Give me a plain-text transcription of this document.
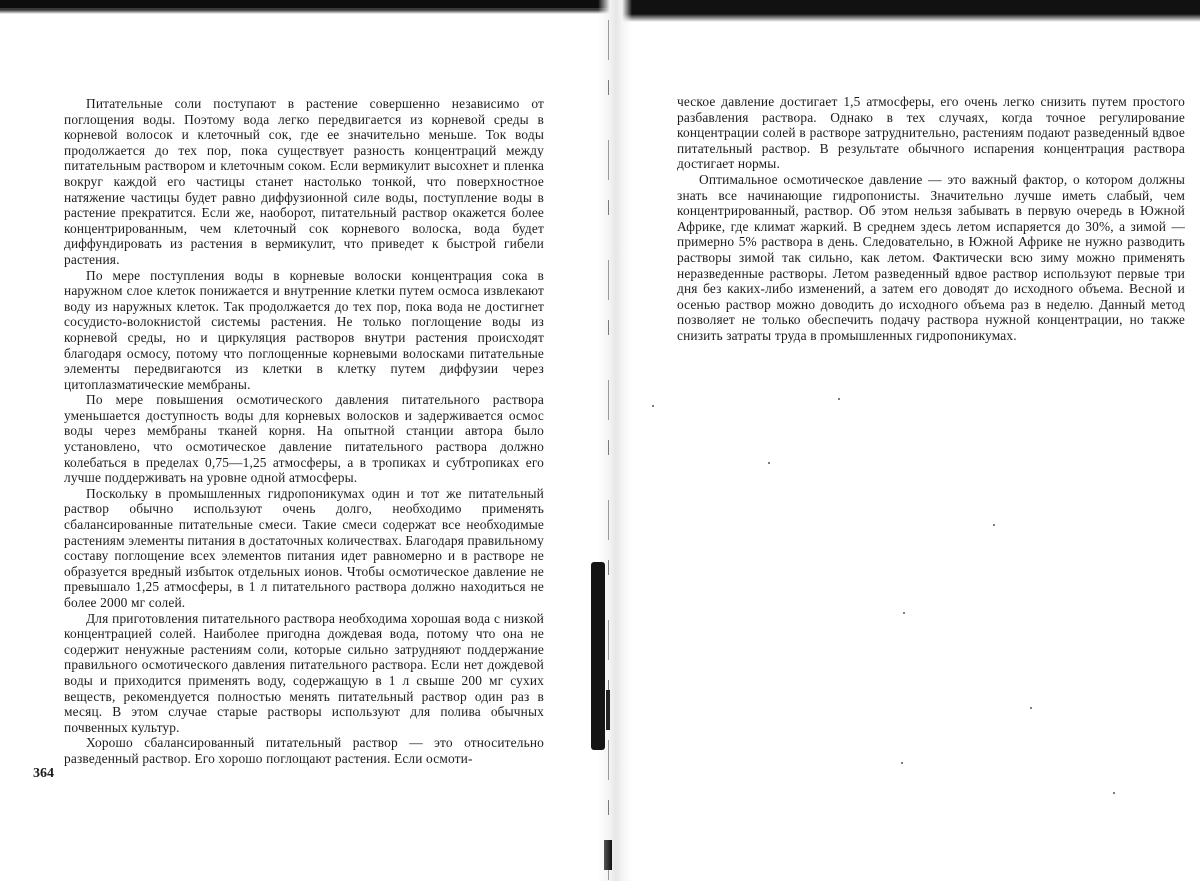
Питательные соли поступают в растение совершенно независимо от поглощения воды. Поэтому вода легко передвигается из корневой среды в корневой волосок и клеточный сок, где ее значительно меньше. Ток воды продолжается до тех пор, пока существует разность концентраций между питательным раствором и клеточным соком. Если вермикулит высохнет и пленка вокруг каждой его частицы станет настолько тонкой, что поверхностное натяжение частицы будет равно диффузионной силе воды, поступление воды в растение прекратится. Если же, наоборот, питательный раствор окажется более концентрированным, чем клеточный сок корневого волоска, вода будет диффундировать из растения в вермикулит, что приведет к быстрой гибели растения.

По мере поступления воды в корневые волоски концентрация сока в наружном слое клеток понижается и внутренние клетки путем осмоса извлекают воду из наружных клеток. Так продолжается до тех пор, пока вода не достигнет сосудисто-волокнистой системы растения. Не только поглощение воды из корневой среды, но и циркуляция растворов внутри растения происходят благодаря осмосу, потому что поглощенные корневыми волосками питательные элементы передвигаются из клетки в клетку путем диффузии через цитоплазматические мембраны.

По мере повышения осмотического давления питательного раствора уменьшается доступность воды для корневых волосков и задерживается осмос воды через мембраны тканей корня. На опытной станции автора было установлено, что осмотическое давление питательного раствора должно колебаться в пределах 0,75—1,25 атмосферы, а в тропиках и субтропиках его лучше поддерживать на уровне одной атмосферы.

Поскольку в промышленных гидропоникумах один и тот же питательный раствор обычно используют очень долго, необходимо применять сбалансированные питательные смеси. Такие смеси содержат все необходимые растениям элементы питания в достаточных количествах. Благодаря правильному составу поглощение всех элементов питания идет равномерно и в растворе не образуется вредный избыток отдельных ионов. Чтобы осмотическое давление не превышало 1,25 атмосферы, в 1 л питательного раствора должно находиться не более 2000 мг солей.

Для приготовления питательного раствора необходима хорошая вода с низкой концентрацией солей. Наиболее пригодна дождевая вода, потому что она не содержит ненужные растениям соли, которые сильно затрудняют поддержание правильного осмотического давления питательного раствора. Если нет дождевой воды и приходится применять воду, содержащую в 1 л свыше 200 мг сухих веществ, рекомендуется полностью менять питательный раствор один раз в месяц. В этом случае старые растворы используют для полива обычных почвенных культур.

Хорошо сбалансированный питательный раствор — это относительно разведенный раствор. Его хорошо поглощают растения. Если осмоти-

364

ческое давление достигает 1,5 атмосферы, его очень легко снизить путем простого разбавления раствора. Однако в тех случаях, когда точное регулирование концентрации солей в растворе затруднительно, растениям подают разведенный вдвое питательный раствор. В результате обычного испарения концентрация раствора достигает нормы.

Оптимальное осмотическое давление — это важный фактор, о котором должны знать все начинающие гидропонисты. Значительно лучше иметь слабый, чем концентрированный, раствор. Об этом нельзя забывать в первую очередь в Южной Африке, где климат жаркий. В среднем здесь летом испаряется до 30%, а зимой — примерно 5% раствора в день. Следовательно, в Южной Африке не нужно разводить растворы зимой так сильно, как летом. Фактически всю зиму можно применять неразведенные растворы. Летом разведенный вдвое раствор используют первые три дня без каких-либо изменений, а затем его доводят до исходного объема. Весной и осенью раствор можно доводить до исходного объема раз в неделю. Данный метод позволяет не только обеспечить подачу раствора нужной концентрации, но также снизить затраты труда в промышленных гидропоникумах.
